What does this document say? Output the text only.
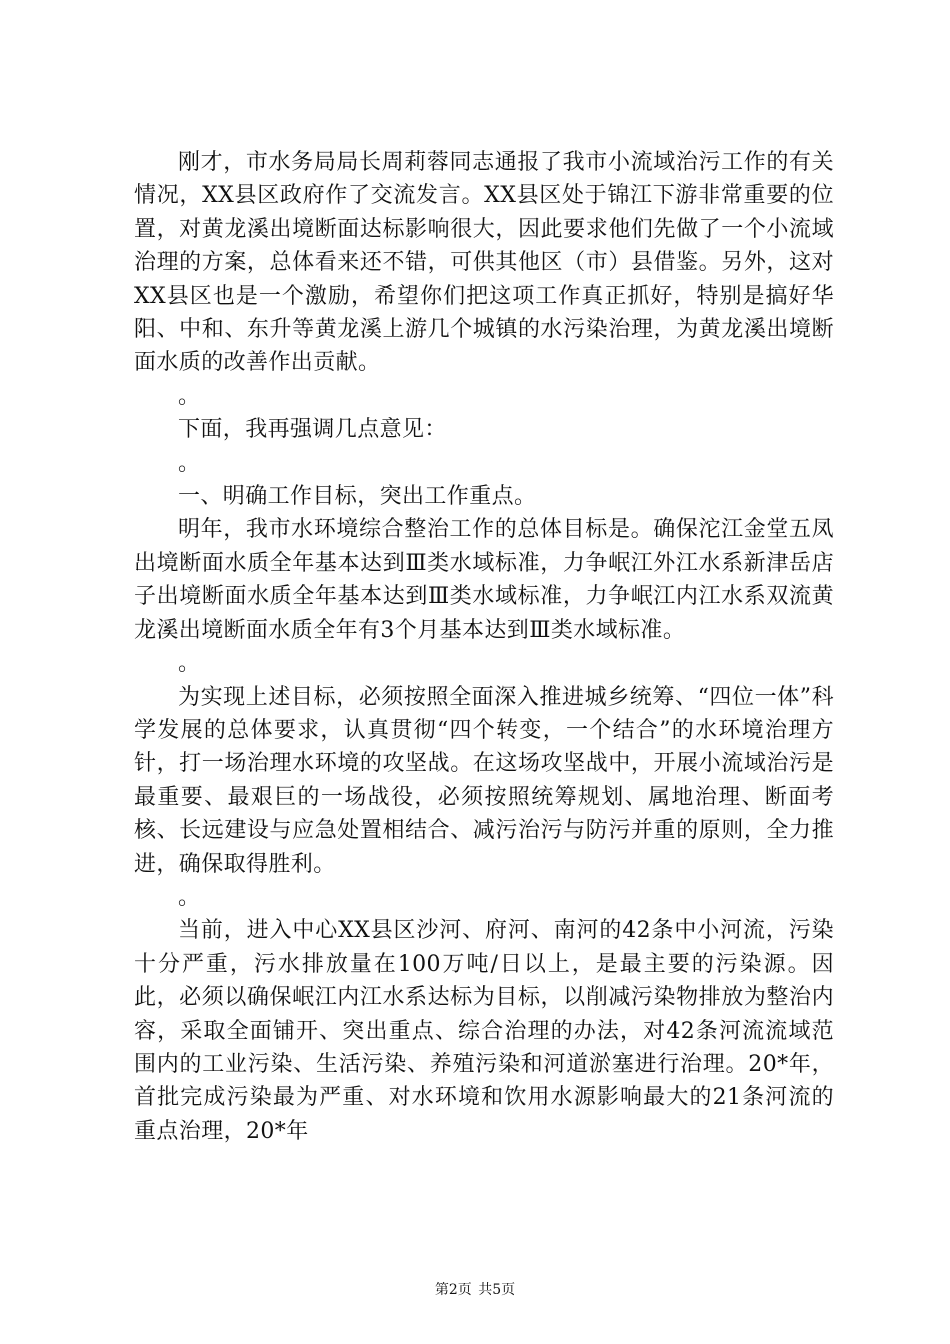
刚才，市水务局局长周莉蓉同志通报了我市小流域治污工作的有关情况，XX县区政府作了交流发言。XX县区处于锦江下游非常重要的位置，对黄龙溪出境断面达标影响很大，因此要求他们先做了一个小流域治理的方案，总体看来还不错，可供其他区（市）县借鉴。另外，这对XX县区也是一个激励，希望你们把这项工作真正抓好，特别是搞好华阳、中和、东升等黄龙溪上游几个城镇的水污染治理，为黄龙溪出境断面水质的改善作出贡献。

。

下面，我再强调几点意见：

。

一、明确工作目标，突出工作重点。

明年，我市水环境综合整治工作的总体目标是。确保沱江金堂五凤出境断面水质全年基本达到Ⅲ类水域标准，力争岷江外江水系新津岳店子出境断面水质全年基本达到Ⅲ类水域标准，力争岷江内江水系双流黄龙溪出境断面水质全年有3个月基本达到Ⅲ类水域标准。

。

为实现上述目标，必须按照全面深入推进城乡统筹、“四位一体”科学发展的总体要求，认真贯彻“四个转变，一个结合”的水环境治理方针，打一场治理水环境的攻坚战。在这场攻坚战中，开展小流域治污是最重要、最艰巨的一场战役，必须按照统筹规划、属地治理、断面考核、长远建设与应急处置相结合、减污治污与防污并重的原则，全力推进，确保取得胜利。

。

当前，进入中心XX县区沙河、府河、南河的42条中小河流，污染十分严重，污水排放量在100万吨/日以上，是最主要的污染源。因此，必须以确保岷江内江水系达标为目标，以削减污染物排放为整治内容，采取全面铺开、突出重点、综合治理的办法，对42条河流流域范围内的工业污染、生活污染、养殖污染和河道淤塞进行治理。20*年，首批完成污染最为严重、对水环境和饮用水源影响最大的21条河流的重点治理，20*年

第2页 共5页
